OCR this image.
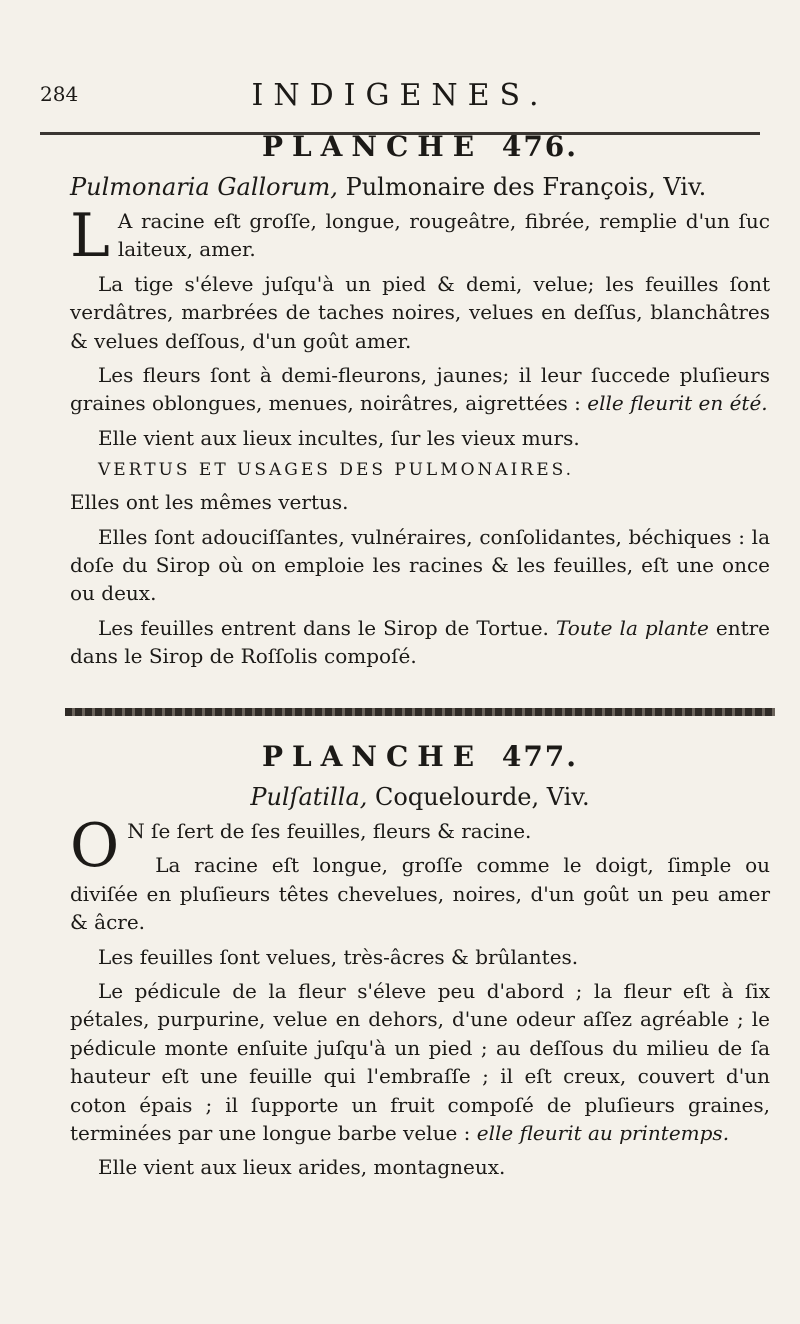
284	INDIGENES.
PLANCHE 476.

Pulmonaria Gallorum, Pulmonaire des François, Viv.

L A racine eſt groſſe, longue, rougeâtre, fibrée, remplie d'un ſuc laiteux, amer.

La tige s'éleve juſqu'à un pied & demi, velue; les feuilles ſont verdâtres, marbrées de taches noires, velues en deſſus, blanchâtres & velues deſſous, d'un goût amer.

Les fleurs ſont à demi-fleurons, jaunes; il leur ſuccede pluſieurs graines oblongues, menues, noirâtres, aigrettées : elle fleurit en été.

Elle vient aux lieux incultes, ſur les vieux murs.

VERTUS ET USAGES DES PULMONAIRES.

Elles ont les mêmes vertus.

Elles ſont adouciſſantes, vulnéraires, conſolidantes, béchiques : la doſe du Sirop où on emploie les racines & les feuilles, eſt une once ou deux.

Les feuilles entrent dans le Sirop de Tortue. Toute la plante entre dans le Sirop de Roſſolis compoſé.

PLANCHE 477.

Pulſatilla, Coquelourde, Viv.

O N ſe ſert de ſes feuilles, fleurs & racine.

La racine eſt longue, groſſe comme le doigt, ſimple ou diviſée en pluſieurs têtes chevelues, noires, d'un goût un peu amer & âcre.

Les feuilles ſont velues, très-âcres & brûlantes.

Le pédicule de la fleur s'éleve peu d'abord ; la fleur eſt à ſix pétales, purpurine, velue en dehors, d'une odeur aſſez agréable ; le pédicule monte enſuite juſqu'à un pied ; au deſſous du milieu de ſa hauteur eſt une feuille qui l'embraſſe ; il eſt creux, couvert d'un coton épais ; il ſupporte un fruit compoſé de pluſieurs graines, terminées par une longue barbe velue : elle fleurit au printemps.

Elle vient aux lieux arides, montagneux.
